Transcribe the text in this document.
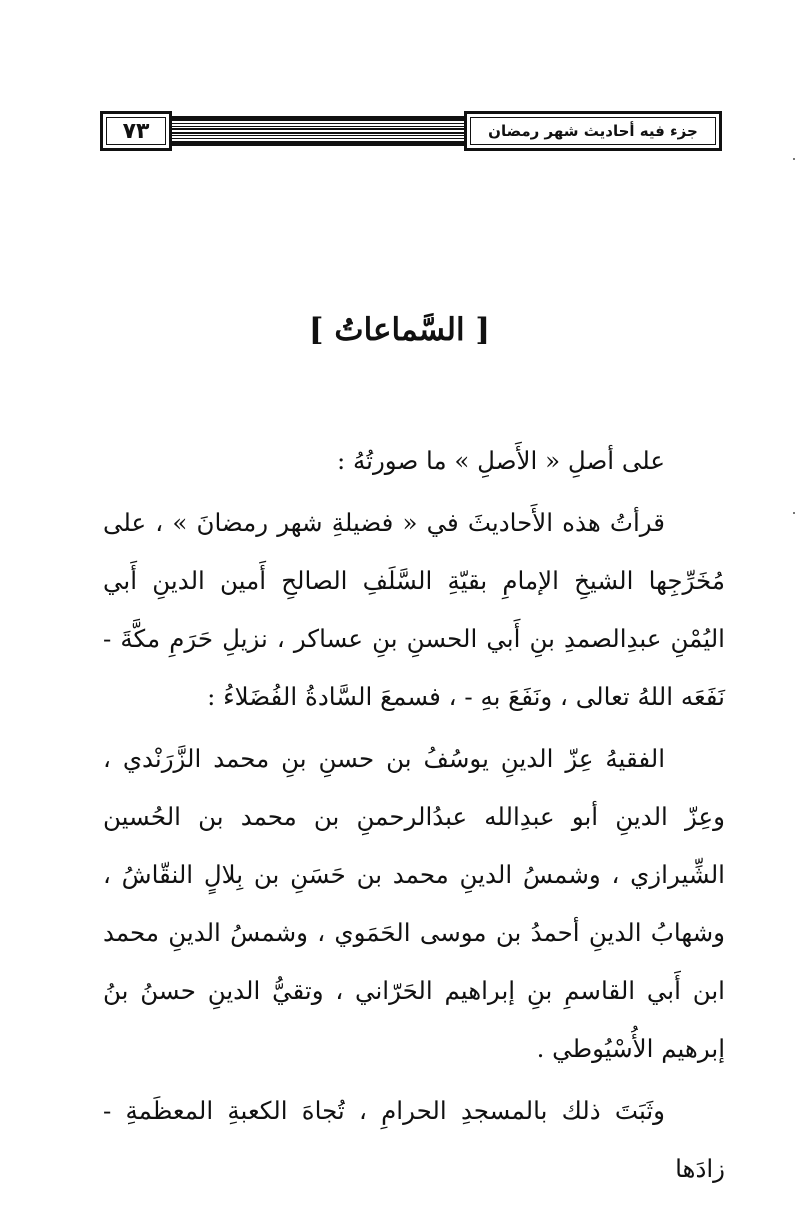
٧٣	جزء فيه أحاديث شهر رمضان
[ السَّماعاتُ ]

على أصلِ « الأَصلِ » ما صورتُهُ :

قرأتُ هذه الأَحاديثَ في « فضيلةِ شهر رمضانَ » ، على مُخَرِّجِها الشيخِ الإمامِ بقيّةِ السَّلَفِ الصالحِ أَمين الدينِ أَبي اليُمْنِ عبدِالصمدِ بنِ أَبي الحسنِ بنِ عساكر ، نزيلِ حَرَمِ مكَّةَ - نَفَعَه اللهُ تعالى ، ونَفَعَ بهِ - ، فسمعَ السَّادةُ الفُضَلاءُ :

الفقيهُ عِزّ الدينِ يوسُفُ بن حسنِ بنِ محمد الزَّرَنْدي ، وعِزّ الدينِ أبو عبدِالله عبدُالرحمنِ بن محمد بن الحُسين الشِّيرازي ، وشمسُ الدينِ محمد بن حَسَنِ بن بِلالٍ النقّاشُ ، وشهابُ الدينِ أحمدُ بن موسى الحَمَوي ، وشمسُ الدينِ محمد ابن أَبي القاسمِ بنِ إبراهيم الحَرّاني ، وتقيُّ الدينِ حسنُ بنُ إبرهيم الأُسْيُوطي .

وثَبَتَ ذلك بالمسجدِ الحرامِ ، تُجاهَ الكعبةِ المعظَمةِ - زادَها
